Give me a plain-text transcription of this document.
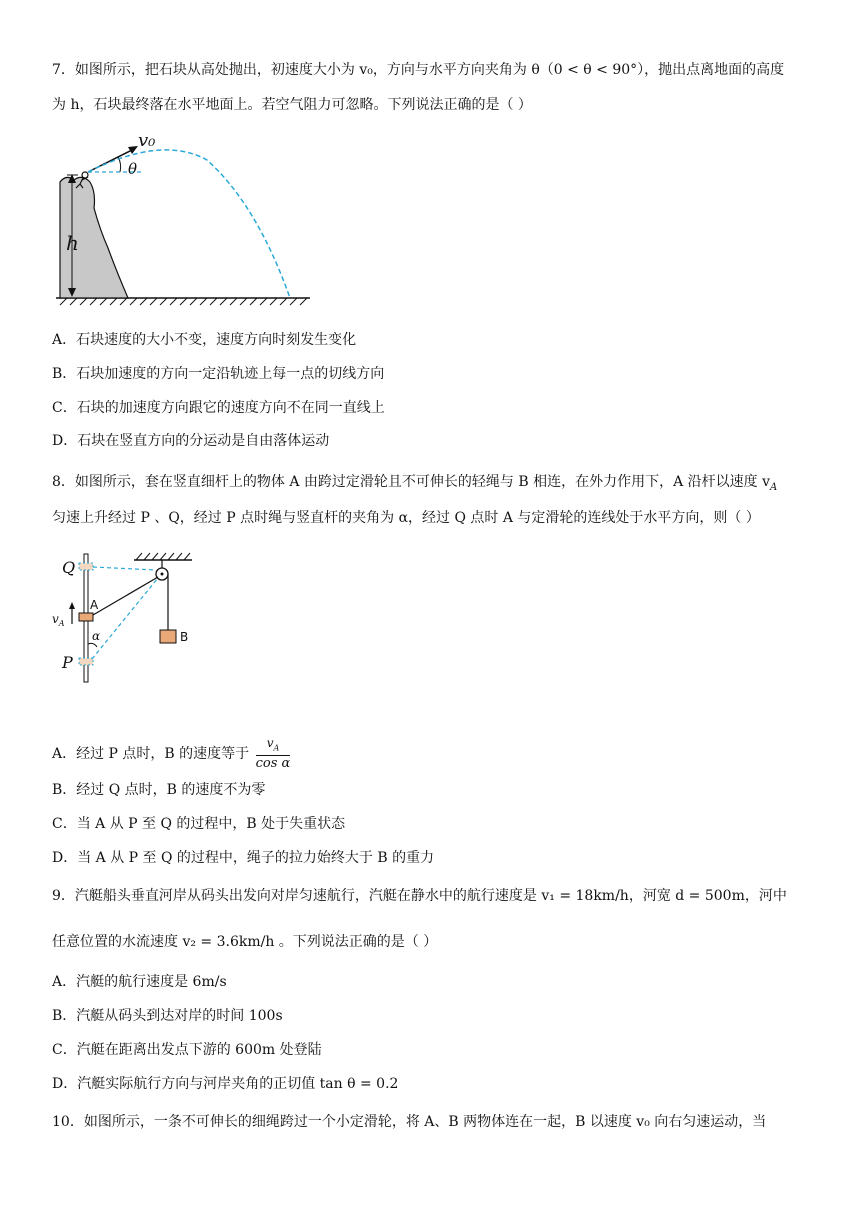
7．如图所示，把石块从高处抛出，初速度大小为 v₀，方向与水平方向夹角为 θ（0 < θ < 90°），抛出点离地面的高度
为 h，石块最终落在水平地面上。若空气阻力可忽略。下列说法正确的是（ ）
h
v₀
θ
A．石块速度的大小不变，速度方向时刻发生变化
B．石块加速度的方向一定沿轨迹上每一点的切线方向
C．石块的加速度方向跟它的速度方向不在同一直线上
D．石块在竖直方向的分运动是自由落体运动
8．如图所示，套在竖直细杆上的物体 A 由跨过定滑轮且不可伸长的轻绳与 B 相连，在外力作用下，A 沿杆以速度 $v_A$
匀速上升经过 P 、Q，经过 P 点时绳与竖直杆的夹角为 α，经过 Q 点时 A 与定滑轮的连线处于水平方向，则（ ）
Q
A
$v_A$
P
α	B
A．经过 P 点时，B 的速度等于 $\frac{v_A}{\text{cos α}}$
B．经过 Q 点时，B 的速度不为零
C．当 A 从 P 至 Q 的过程中，B 处于失重状态
D．当 A 从 P 至 Q 的过程中，绳子的拉力始终大于 B 的重力
9．汽艇船头垂直河岸从码头出发向对岸匀速航行，汽艇在静水中的航行速度是 v₁ = 18km/h，河宽 d = 500m，河中
任意位置的水流速度 v₂ = 3.6km/h 。下列说法正确的是（ ）
A．汽艇的航行速度是 6m/s
B．汽艇从码头到达对岸的时间 100s
C．汽艇在距离出发点下游的 600m 处登陆
D．汽艇实际航行方向与河岸夹角的正切值 tan θ = 0.2
10．如图所示，一条不可伸长的细绳跨过一个小定滑轮，将 A、B 两物体连在一起，B 以速度 v₀ 向右匀速运动，当
